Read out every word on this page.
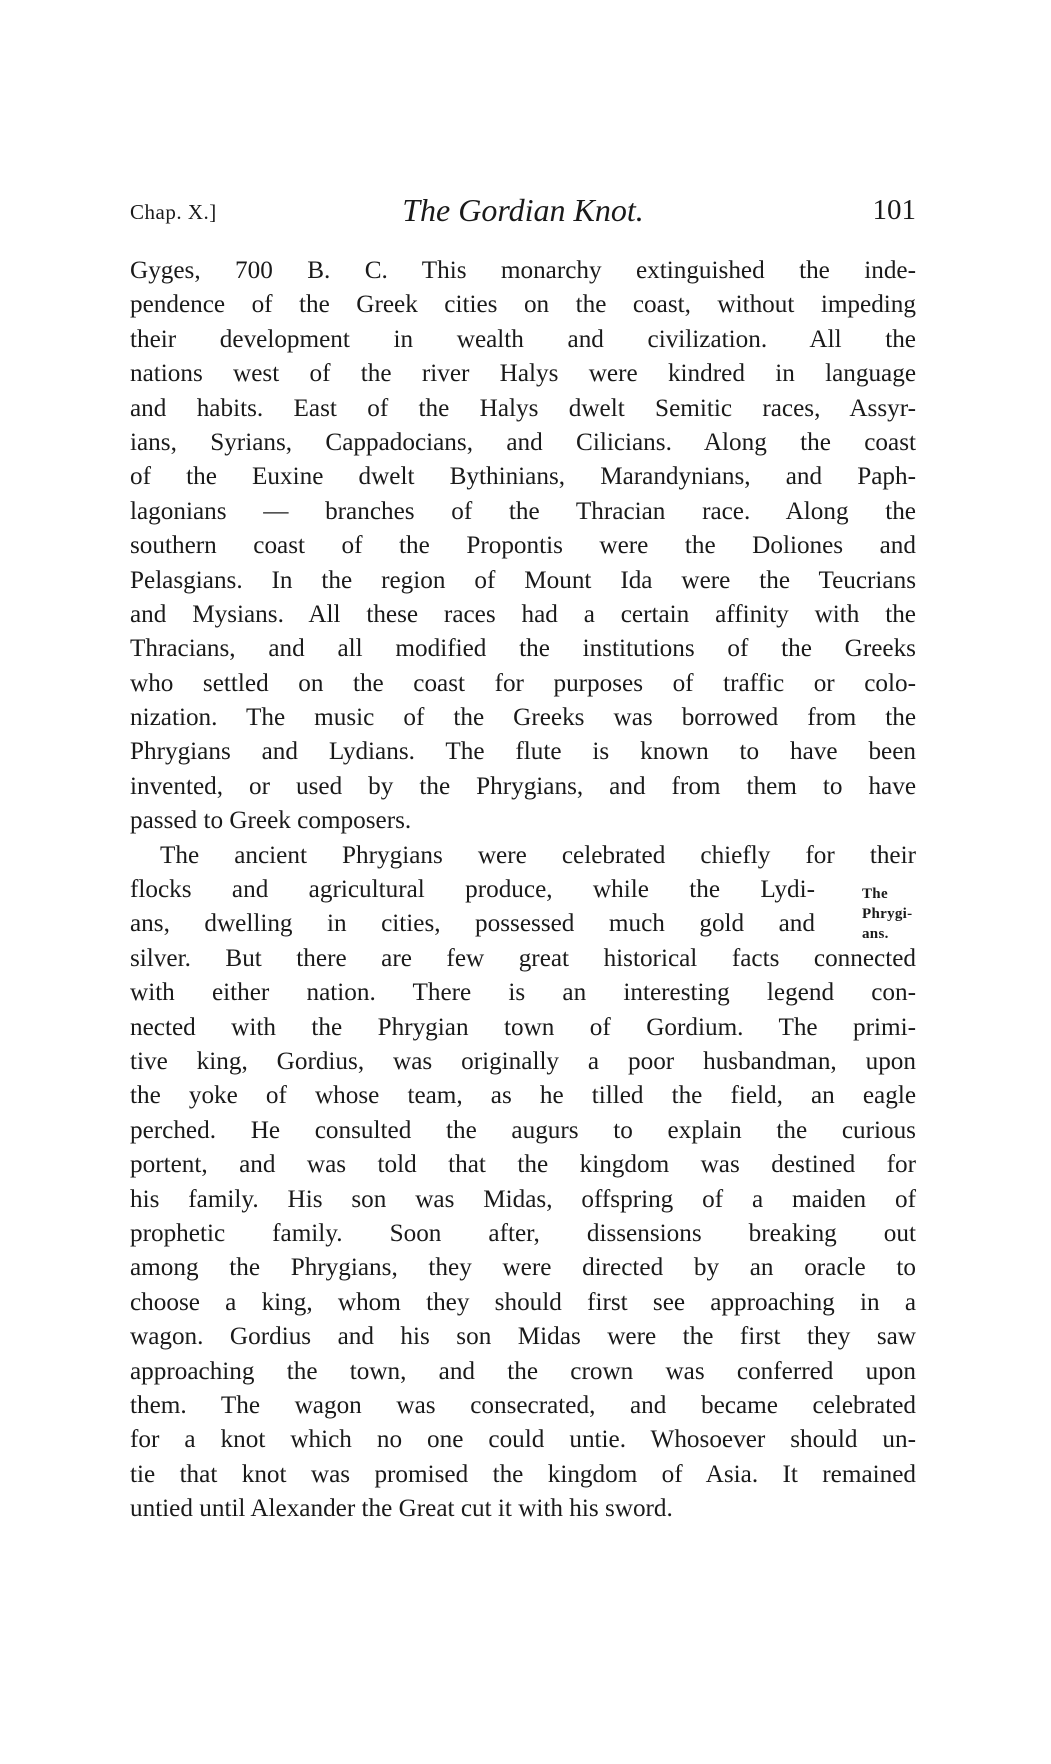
Chap. X.]	The Gordian Knot.	101
Gyges, 700 B. C. This monarchy extinguished the inde-
pendence of the Greek cities on the coast, without impeding
their development in wealth and civilization. All the
nations west of the river Halys were kindred in language
and habits. East of the Halys dwelt Semitic races, Assyr-
ians, Syrians, Cappadocians, and Cilicians. Along the coast
of the Euxine dwelt Bythinians, Marandynians, and Paph-
lagonians — branches of the Thracian race. Along the
southern coast of the Propontis were the Doliones and
Pelasgians. In the region of Mount Ida were the Teucrians
and Mysians. All these races had a certain affinity with the
Thracians, and all modified the institutions of the Greeks
who settled on the coast for purposes of traffic or colo-
nization. The music of the Greeks was borrowed from the
Phrygians and Lydians. The flute is known to have been
invented, or used by the Phrygians, and from them to have
passed to Greek composers.
The ancient Phrygians were celebrated chiefly for their
flocks and agricultural produce, while the Lydi-
ans, dwelling in cities, possessed much gold and
silver. But there are few great historical facts connected
with either nation. There is an interesting legend con-
nected with the Phrygian town of Gordium. The primi-
tive king, Gordius, was originally a poor husbandman, upon
the yoke of whose team, as he tilled the field, an eagle
perched. He consulted the augurs to explain the curious
portent, and was told that the kingdom was destined for
his family. His son was Midas, offspring of a maiden of
prophetic family. Soon after, dissensions breaking out
among the Phrygians, they were directed by an oracle to
choose a king, whom they should first see approaching in a
wagon. Gordius and his son Midas were the first they saw
approaching the town, and the crown was conferred upon
them. The wagon was consecrated, and became celebrated
for a knot which no one could untie. Whosoever should un-
tie that knot was promised the kingdom of Asia. It remained
untied until Alexander the Great cut it with his sword.
The Phrygi-
ans.
